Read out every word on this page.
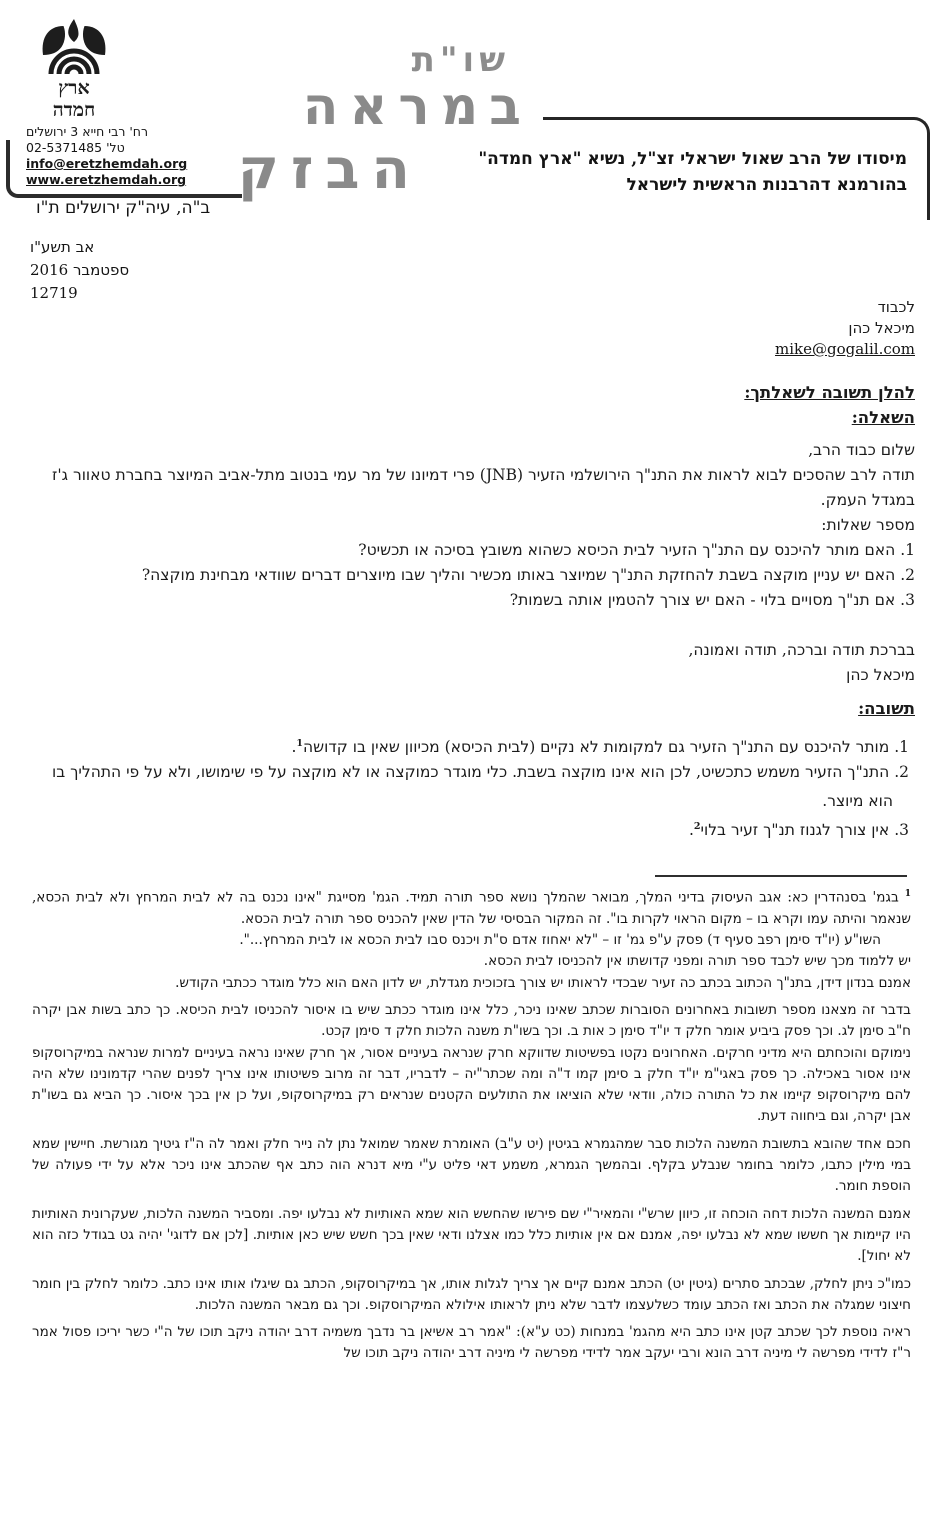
ארץ
חמדה
רח' רבי חייא 3 ירושלים
טל' 02-5371485
info@eretzhemdah.org
www.eretzhemdah.org
ב"ה, עיה"ק ירושלים ת"ו
שו"ת
במראה
הבזק	מיסודו של הרב שאול ישראלי זצ"ל, נשיא "ארץ חמדה"
בהורמנא דהרבנות הראשית לישראל
אב תשע"ו
ספטמבר 2016
12719
לכבוד
מיכאל כהן
mike@gogalil.com
להלן תשובה לשאלתך:
השאלה:
שלום כבוד הרב,
תודה לרב שהסכים לבוא לראות את התנ"ך הירושלמי הזעיר (JNB) פרי דמיונו של מר עמי בנטוב מתל-אביב המיוצר בחברת טאוור ג'ז במגדל העמק.
מספר שאלות:
1. האם מותר להיכנס עם התנ"ך הזעיר לבית הכיסא כשהוא משובץ בסיכה או תכשיט?
2. האם יש עניין מוקצה בשבת להחזקת התנ"ך שמיוצר באותו מכשיר והליך שבו מיוצרים דברים שוודאי מבחינת מוקצה?
3. אם תנ"ך מסויים בלוי - האם יש צורך להטמין אותה בשמות?
בברכת תודה וברכה, תודה ואמונה,
מיכאל כהן
תשובה:
1. מותר להיכנס עם התנ"ך הזעיר גם למקומות לא נקיים (לבית הכיסא) מכיוון שאין בו קדושה$^1$.
2. התנ"ך הזעיר משמש כתכשיט, לכן הוא אינו מוקצה בשבת. כלי מוגדר כמוקצה או לא מוקצה על פי שימושו, ולא על פי התהליך בו הוא מיוצר.
3. אין צורך לגנוז תנ"ך זעיר בלוי$^2$.

$^1$ בגמ' בסנהדרין כא: אגב העיסוק בדיני המלך, מבואר שהמלך נושא ספר תורה תמיד. הגמ' מסייגת "אינו נכנס בה לא לבית המרחץ ולא לבית הכסא, שנאמר והיתה עמו וקרא בו – מקום הראוי לקרות בו". זה המקור הבסיסי של הדין שאין להכניס ספר תורה לבית הכסא.

השו"ע (יו"ד סימן רפב סעיף ד) פסק ע"פ גמ' זו – "לא יאחוז אדם ס"ת ויכנס סבו לבית הכסא או לבית המרחץ...".

יש ללמוד מכך שיש לכבד ספר תורה ומפני קדושתו אין להכניסו לבית הכסא.

אמנם בנדון דידן, בתנ"ך הכתוב בכתב כה זעיר שבכדי לראותו יש צורך בזכוכית מגדלת, יש לדון האם הוא כלל מוגדר ככתבי הקודש.

בדבר זה מצאנו מספר תשובות באחרונים הסוברות שכתב שאינו ניכר, כלל אינו מוגדר ככתב שיש בו איסור להכניסו לבית הכיסא. כך כתב בשות אבן יקרה ח"ב סימן לג. וכך פסק ביביע אומר חלק ד יו"ד סימן כ אות ב. וכך בשו"ת משנה הלכות חלק ד סימן קכט.

נימוקם והוכחתם היא מדיני חרקים. האחרונים נקטו בפשיטות שדווקא חרק שנראה בעיניים אסור, אך חרק שאינו נראה בעיניים למרות שנראה במיקרוסקופ אינו אסור באכילה. כך פסק באגי"מ יו"ד חלק ב סימן קמו ד"ה ומה שכתר"יה – לדבריו, דבר זה מרוב פשיטותו אינו צריך לפנים שהרי קדמונינו שלא היה להם מיקרוסקופ קיימו את כל התורה כולה, וודאי שלא הוציאו את התולעים הקטנים שנראים רק במיקרוסקופ, ועל כן אין בכך איסור. כך הביא גם בשו"ת אבן יקרה, וגם ביחווה דעת.

חכם אחד שהובא בתשובת המשנה הלכות סבר שמהגמרא בגיטין (יט ע"ב) האומרת שאמר שמואל נתן לה נייר חלק ואמר לה ה"ז גיטיך מגורשת. חיישין שמא במי מילין כתבו, כלומר בחומר שנבלע בקלף. ובהמשך הגמרא, משמע דאי פליט ע"י מיא דנרא הוה כתב אף שהכתב אינו ניכר אלא על ידי פעולה של הוספת חומר.

אמנם המשנה הלכות דחה הוכחה זו, כיוון שרש"י והמאיר"י שם פירשו שהחשש הוא שמא האותיות לא נבלעו יפה. ומסביר המשנה הלכות, שעקרונית האותיות היו קיימות אך חששו שמא לא נבלעו יפה, אמנם אם אין אותיות כלל כמו אצלנו ודאי שאין בכך חשש שיש כאן אותיות. [לכן אם לדוגי' יהיה גט בגודל כזה הוא לא יחול].

כמו"כ ניתן לחלק, שבכתב סתרים (גיטין יט) הכתב אמנם קיים אך צריך לגלות אותו, אך במיקרוסקופ, הכתב גם שיגלו אותו אינו כתב. כלומר לחלק בין חומר חיצוני שמגלה את הכתב ואז הכתב עומד כשלעצמו לדבר שלא ניתן לראותו אילולא המיקרוסקופ. וכך גם מבאר המשנה הלכות.

ראיה נוספת לכך שכתב קטן אינו כתב היא מהגמ' במנחות (כט ע"א): "אמר רב אשיאן בר נדבך משמיה דרב יהודה ניקב תוכו של ה"י כשר יריכו פסול אמר ר"ז לדידי מפרשה לי מיניה דרב הונא ורבי יעקב אמר לדידי מפרשה לי מיניה דרב יהודה ניקב תוכו של
